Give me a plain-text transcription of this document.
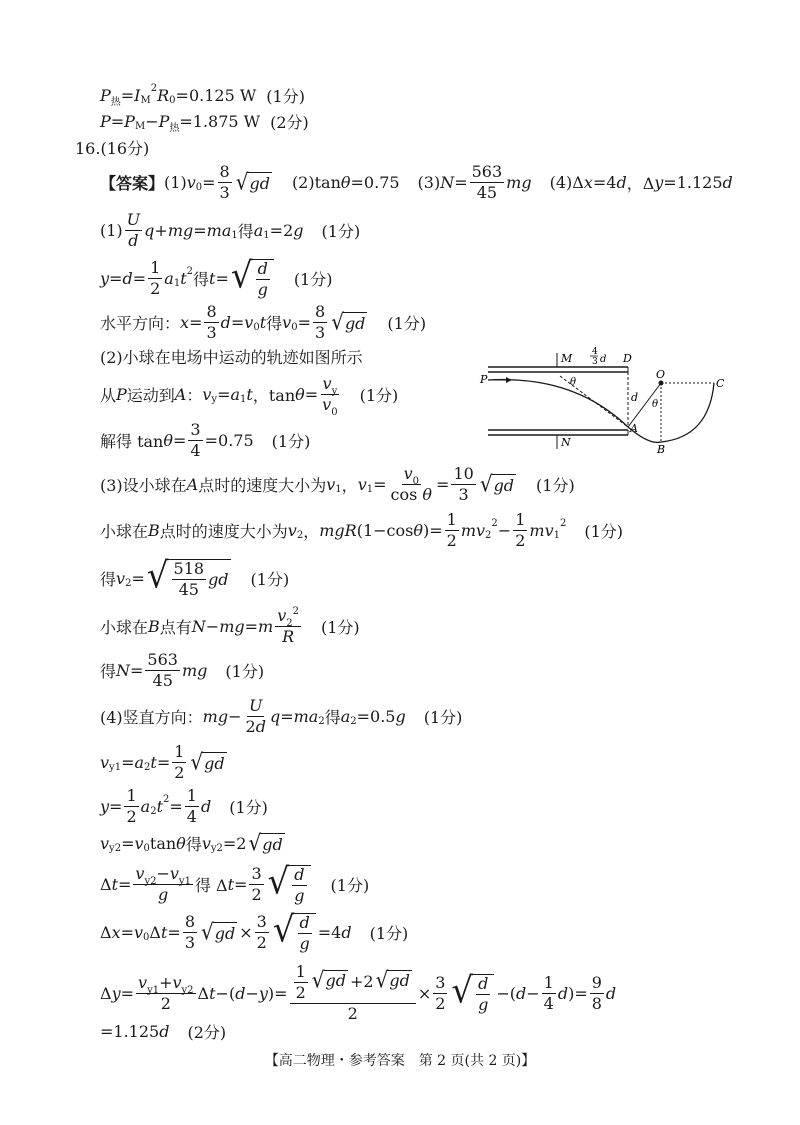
P 热 = I M
2 R 0 =0.125 W (1分)
P = P M − P 热 =1.875 W (2分)
16.(16分)
【答案】 (1) v $0 = \frac{8}{3}$ √ gd (2)tan θ =0.75
(3) $N = \frac{563}{45}$ mg (4)Δ x =4 d ，Δ y =1.125 d
$(1) \frac{U}{d}$ q + mg = ma 1 得 a 1 =2 g (1分)
$y = d = \frac{1}{2}$ a 1 t 2 得 t = √ $\frac{d}{g} (1$分)
水平方向： $x = \frac{8}{3}$ d = v 0 t 得 v $0 = \frac{8}{3}$ √ gd (1分)
(2)小球在电场中运动的轨迹如图所示
从 P 运动到 A ： v y = a 1 t ，$\tan \theta = \frac{v_y}{v_0} (1$分)
解得 $\tan \theta = \frac{3}{4} =0.75$ (1分)
P
M
N
D
4
3 d
θ
d
O
C
θ
A
B
(3)设小球在 A 点时的速度大小为 v 1 ， v $1 = \frac{v_0}{\text{cos θ}} = \frac{10}{3}$ √ gd (1分)
小球在 B 点时的速度大小为 v 2 ， mgR (1−cos θ )= $\frac{1}{2}$ mv 2
$2 - \frac{1}{2}$ mv 1
2 (1分)
得 v 2 = √ $\frac{518}{45}$ gd (1分)
小球在 B 点有 N − mg = m $\frac{v_2^2}{R} (1$分)
得 $N = \frac{563}{45}$ mg (1分)
(4)竖直方向： mg − $\frac{U}{2d}$ q = ma 2 得 a 2 =0.5 g (1分)
v y1 = a 2 $t = \frac{1}{2}$ √ gd
$y = \frac{1}{2}$ a 2 t $2 = \frac{1}{4}$ d (1分)
v y2 = v 0 tan θ 得 v y2 =2 √ gd
Δ $t = \frac{v_{y2}-v_{y1}}{g}$ 得 Δ $t = \frac{3}{2}$ √ $\frac{d}{g} (1$分)
Δ x = v 0 Δ $t = \frac{8}{3}$ √ gd × $\frac{3}{2}$ √ $\frac{d}{g} =4$ d (1分)
Δ $y = \frac{v_{y1}+v_{y2}}{2}$ Δ t −( d − y )= $\frac{\frac{1}{2} √ gd +2 √ gd}{2} \times \frac{3}{2}$ √ $\frac{d}{g}$ −( $d - \frac{1}{4}$ d )= $\frac{9}{8}$ d
=1.125 d (2分)
【高二物理・参考答案　第 2 页(共 2 页)】
